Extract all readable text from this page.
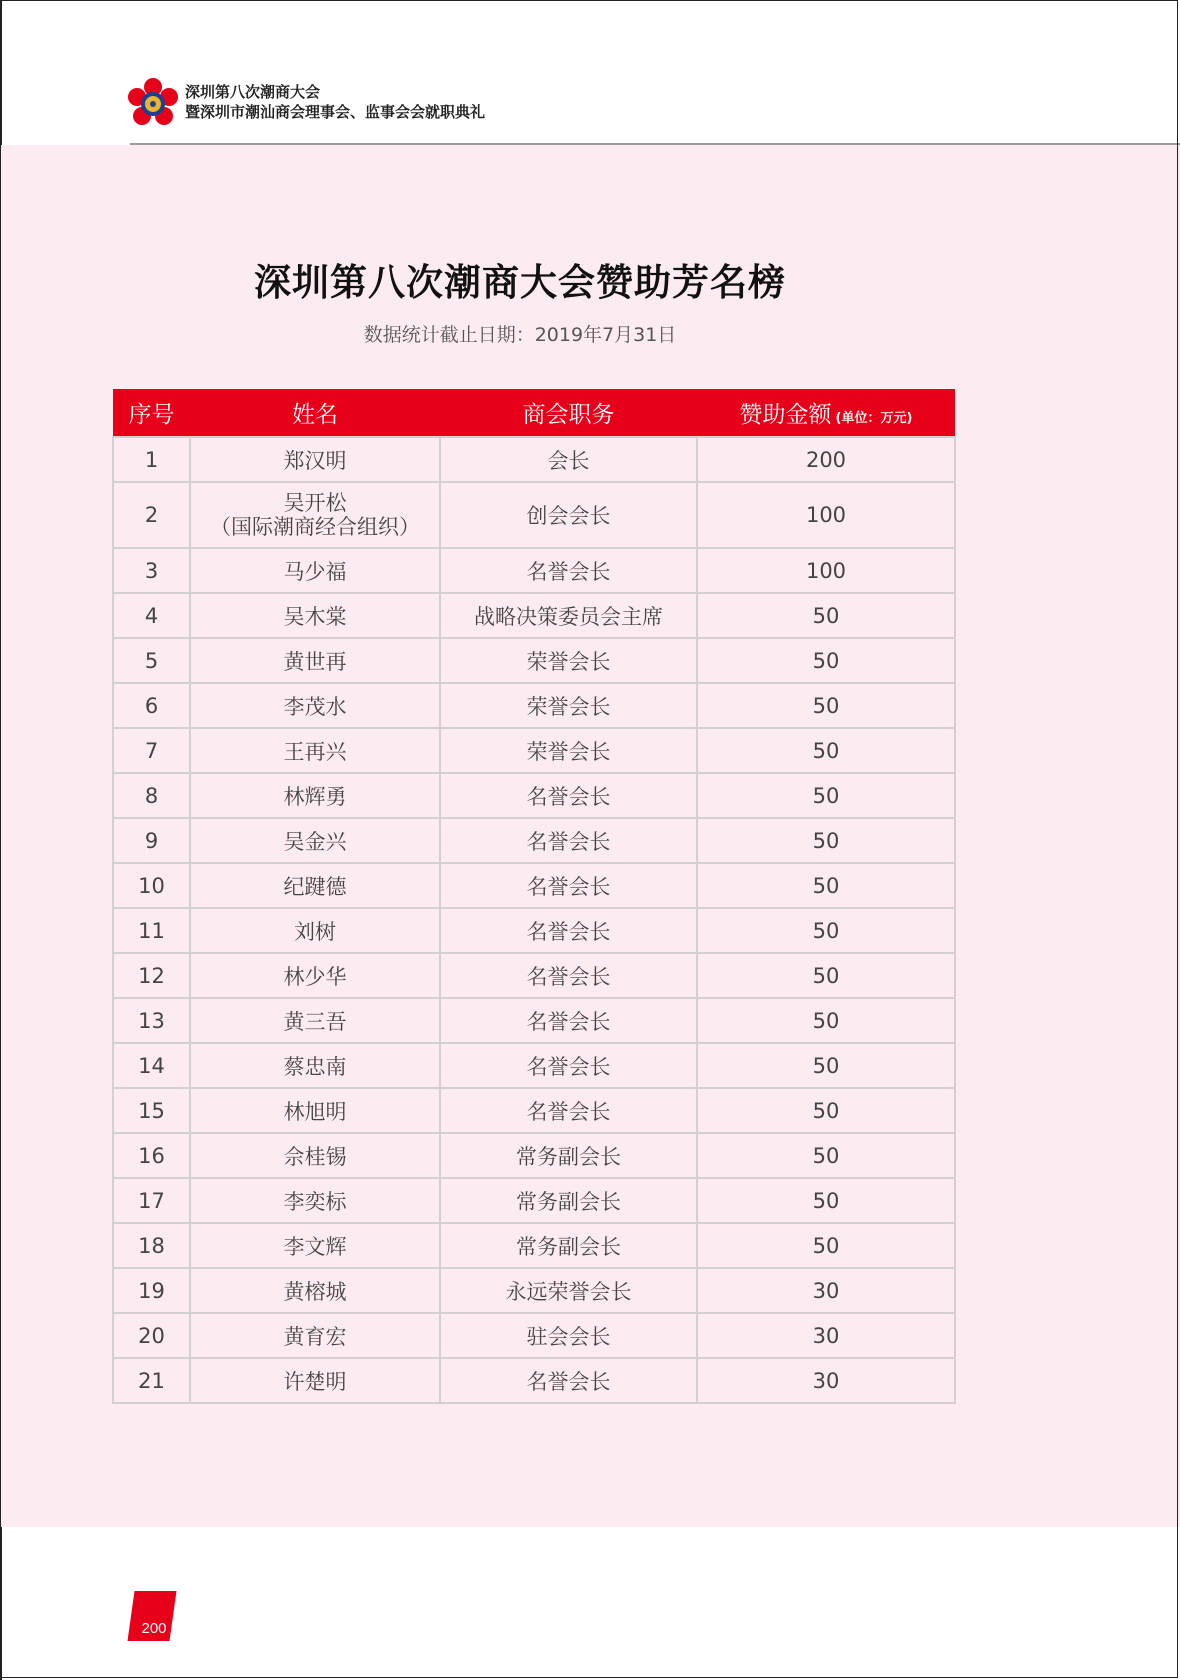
深圳第八次潮商大会
暨深圳市潮汕商会理事会、监事会会就职典礼
深圳第八次潮商大会赞助芳名榜
数据统计截止日期：2019年7月31日
序号	姓名	商会职务	赞助金额 (单位：万元)
1	郑汉明	会长	200
2	吴开松
（国际潮商经合组织）	创会会长	100
3	马少福	名誉会长	100
4	吴木棠	战略决策委员会主席	50
5	黄世再	荣誉会长	50
6	李茂水	荣誉会长	50
7	王再兴	荣誉会长	50
8	林辉勇	名誉会长	50
9	吴金兴	名誉会长	50
10	纪踺德	名誉会长	50
11	刘树	名誉会长	50
12	林少华	名誉会长	50
13	黄三吾	名誉会长	50
14	蔡忠南	名誉会长	50
15	林旭明	名誉会长	50
16	佘桂锡	常务副会长	50
17	李奕标	常务副会长	50
18	李文辉	常务副会长	50
19	黄榕城	永远荣誉会长	30
20	黄育宏	驻会会长	30
21	许楚明	名誉会长	30
200
